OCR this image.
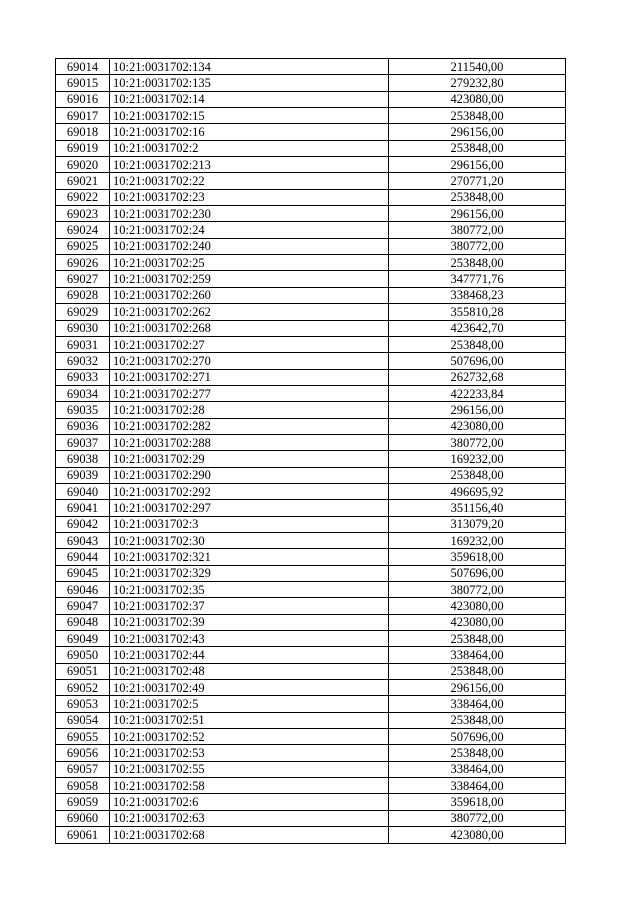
69014	10:21:0031702:134	211540,00
69015	10:21:0031702:135	279232,80
69016	10:21:0031702:14	423080,00
69017	10:21:0031702:15	253848,00
69018	10:21:0031702:16	296156,00
69019	10:21:0031702:2	253848,00
69020	10:21:0031702:213	296156,00
69021	10:21:0031702:22	270771,20
69022	10:21:0031702:23	253848,00
69023	10:21:0031702:230	296156,00
69024	10:21:0031702:24	380772,00
69025	10:21:0031702:240	380772,00
69026	10:21:0031702:25	253848,00
69027	10:21:0031702:259	347771,76
69028	10:21:0031702:260	338468,23
69029	10:21:0031702:262	355810,28
69030	10:21:0031702:268	423642,70
69031	10:21:0031702:27	253848,00
69032	10:21:0031702:270	507696,00
69033	10:21:0031702:271	262732,68
69034	10:21:0031702:277	422233,84
69035	10:21:0031702:28	296156,00
69036	10:21:0031702:282	423080,00
69037	10:21:0031702:288	380772,00
69038	10:21:0031702:29	169232,00
69039	10:21:0031702:290	253848,00
69040	10:21:0031702:292	496695,92
69041	10:21:0031702:297	351156,40
69042	10:21:0031702:3	313079,20
69043	10:21:0031702:30	169232,00
69044	10:21:0031702:321	359618,00
69045	10:21:0031702:329	507696,00
69046	10:21:0031702:35	380772,00
69047	10:21:0031702:37	423080,00
69048	10:21:0031702:39	423080,00
69049	10:21:0031702:43	253848,00
69050	10:21:0031702:44	338464,00
69051	10:21:0031702:48	253848,00
69052	10:21:0031702:49	296156,00
69053	10:21:0031702:5	338464,00
69054	10:21:0031702:51	253848,00
69055	10:21:0031702:52	507696,00
69056	10:21:0031702:53	253848,00
69057	10:21:0031702:55	338464,00
69058	10:21:0031702:58	338464,00
69059	10:21:0031702:6	359618,00
69060	10:21:0031702:63	380772,00
69061	10:21:0031702:68	423080,00
